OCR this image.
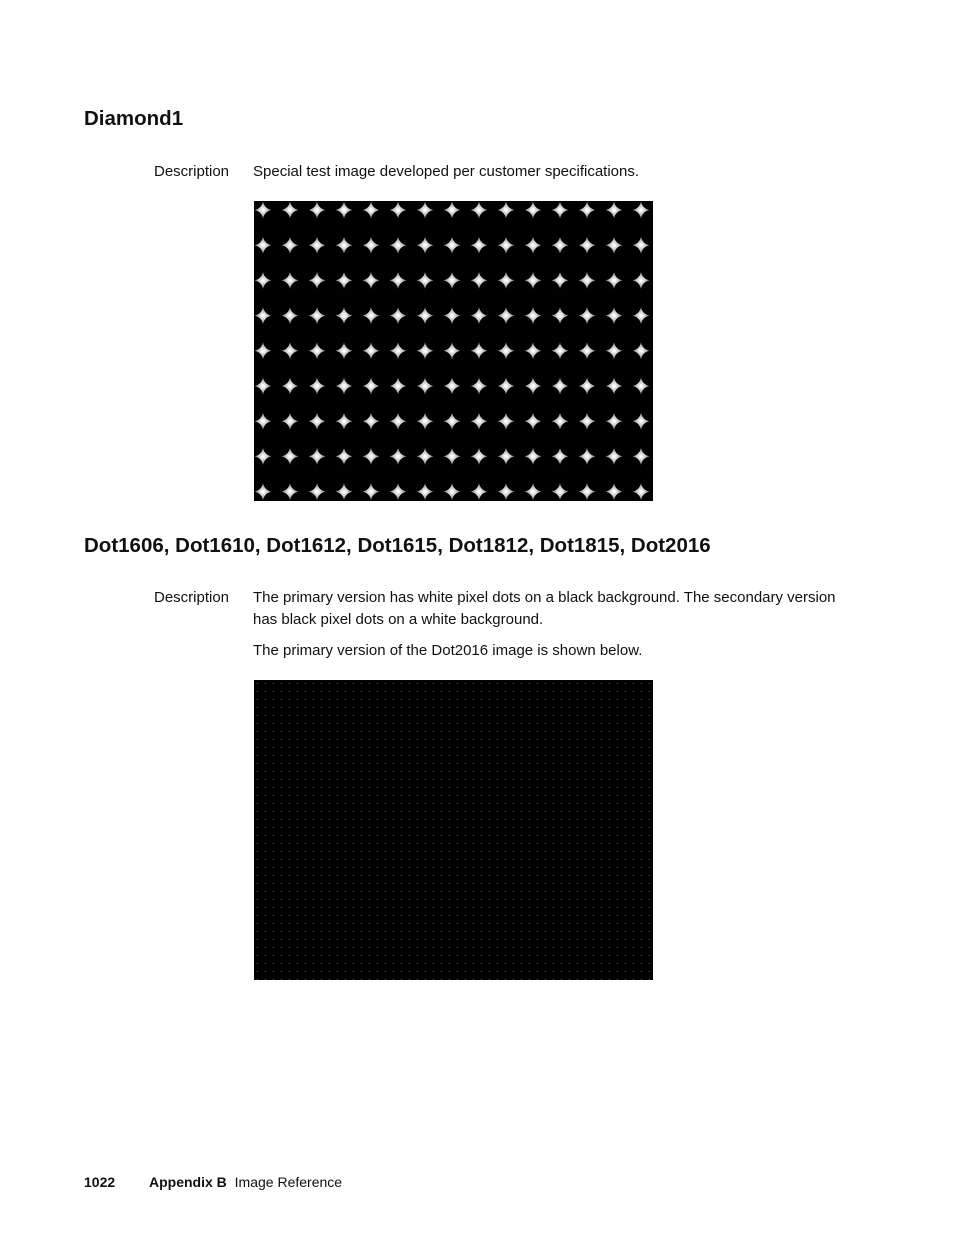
Diamond1
Description Special test image developed per customer specifications.

Dot1606, Dot1610, Dot1612, Dot1615, Dot1812, Dot1815, Dot2016
Description The primary version has white pixel dots on a black background. The secondary version has black pixel dots on a white background.

The primary version of the Dot2016 image is shown below.

1022 Appendix B Image Reference
